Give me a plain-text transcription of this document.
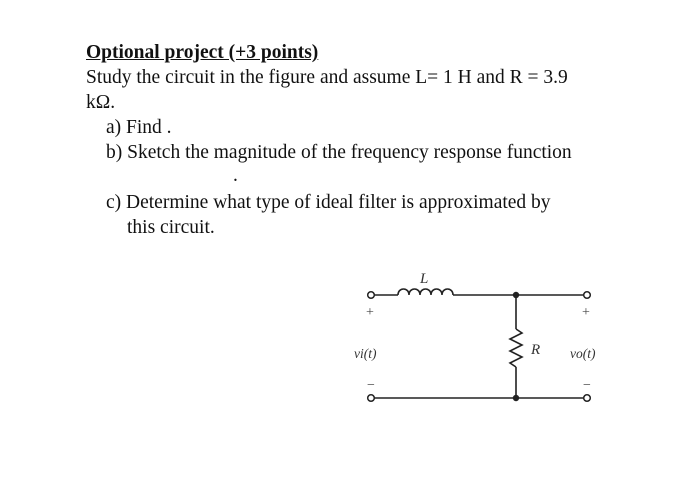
Optional project (+3 points)

Study the circuit in the figure and assume L= 1 H and R = 3.9

kΩ.

a) Find .

b) Sketch the magnitude of the frequency response function

.

c) Determine what type of ideal filter is approximated by

this circuit.

L
R
vi(t)	vo(t)
+
−
+
−
